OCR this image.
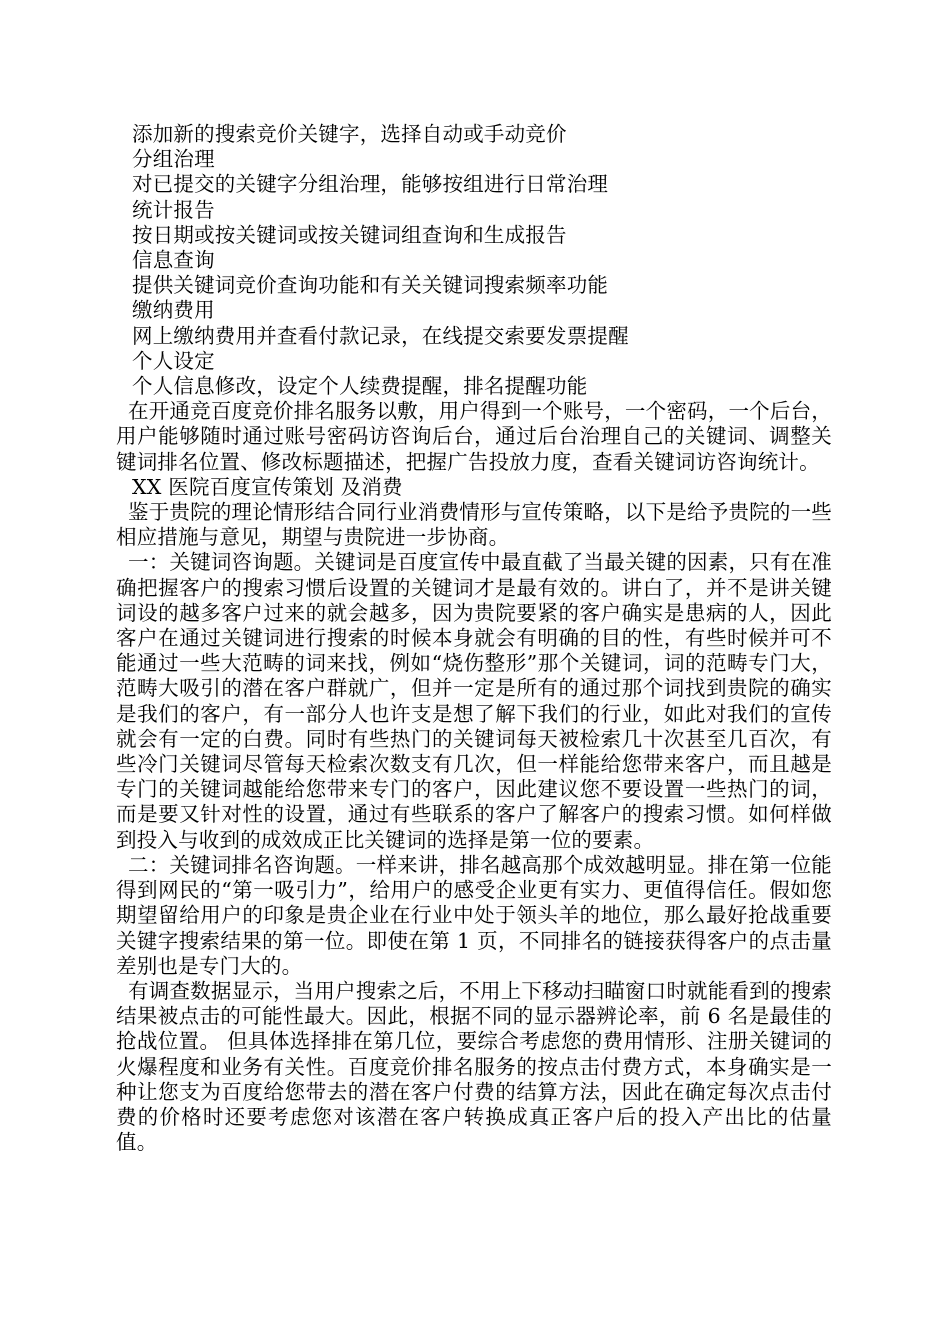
添加新的搜索竞价关键字，选择自动或手动竞价
分组治理
对已提交的关键字分组治理，能够按组进行日常治理
统计报告
按日期或按关键词或按关键词组查询和生成报告
信息查询
提供关键词竞价查询功能和有关关键词搜索频率功能
缴纳费用
网上缴纳费用并查看付款记录，在线提交索要发票提醒
个人设定
个人信息修改，设定个人续费提醒，排名提醒功能

在开通竞百度竞价排名服务以敷，用户得到一个账号，一个密码，一个后台，用户能够随时通过账号密码访咨询后台，通过后台治理自己的关键词、调整关键词排名位置、修改标题描述，把握广告投放力度，查看关键词访咨询统计。

XX 医院百度宣传策划 及消费

鉴于贵院的理论情形结合同行业消费情形与宣传策略，以下是给予贵院的一些相应措施与意见，期望与贵院进一步协商。

一：关键词咨询题。关键词是百度宣传中最直截了当最关键的因素，只有在准确把握客户的搜索习惯后设置的关键词才是最有效的。讲白了，并不是讲关键词设的越多客户过来的就会越多，因为贵院要紧的客户确实是患病的人，因此客户在通过关键词进行搜索的时候本身就会有明确的目的性，有些时候并可不能通过一些大范畴的词来找，例如“烧伤整形”那个关键词，词的范畴专门大，范畴大吸引的潜在客户群就广，但并一定是所有的通过那个词找到贵院的确实是我们的客户，有一部分人也许支是想了解下我们的行业，如此对我们的宣传就会有一定的白费。同时有些热门的关键词每天被检索几十次甚至几百次，有些冷门关键词尽管每天检索次数支有几次，但一样能给您带来客户，而且越是专门的关键词越能给您带来专门的客户，因此建议您不要设置一些热门的词，而是要又针对性的设置，通过有些联系的客户了解客户的搜索习惯。如何样做到投入与收到的成效成正比关键词的选择是第一位的要素。

二：关键词排名咨询题。一样来讲，排名越高那个成效越明显。排在第一位能得到网民的“第一吸引力”，给用户的感受企业更有实力、更值得信任。假如您期望留给用户的印象是贵企业在行业中处于领头羊的地位，那么最好抢战重要关键字搜索结果的第一位。即使在第 1 页，不同排名的链接获得客户的点击量差别也是专门大的。

有调查数据显示，当用户搜索之后，不用上下移动扫瞄窗口时就能看到的搜索结果被点击的可能性最大。因此，根据不同的显示器辨论率，前 6 名是最佳的抢战位置。 但具体选择排在第几位，要综合考虑您的费用情形、注册关键词的火爆程度和业务有关性。百度竞价排名服务的按点击付费方式，本身确实是一种让您支为百度给您带去的潜在客户付费的结算方法，因此在确定每次点击付费的价格时还要考虑您对该潜在客户转换成真正客户后的投入产出比的估量值。
